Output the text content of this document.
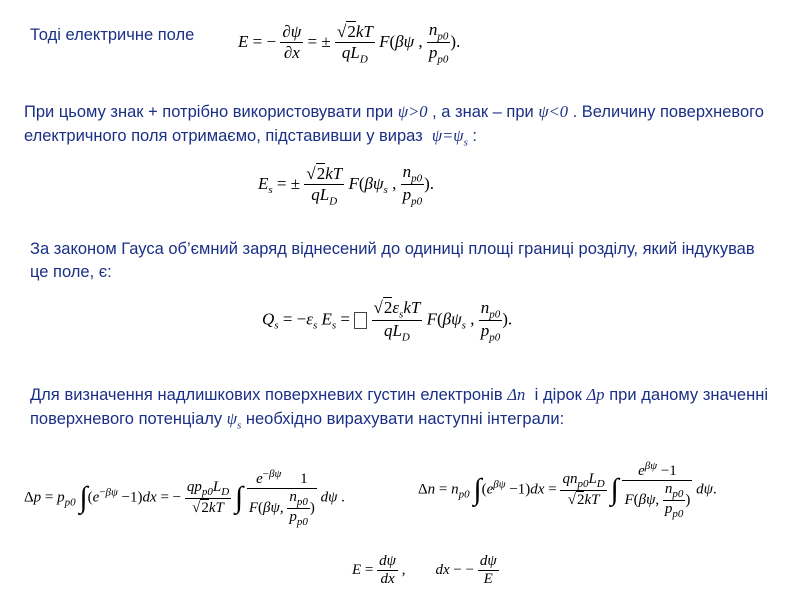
Тоді електричне поле	E = − $\frac{\partial\psi}{\partial x}$ = ± $\frac{√2kT}{qL_D} F(\beta\psi$ , $\frac{n_{p0}}{p_{p0}}$ ).
При цьому знак + потрібно використовувати при ψ>0 , а знак – при ψ<0 . Величину поверхневого електричного поля отримаємо, підставивши у вираз  $\psi=\psi_s$ :
$E_s$ = ± $\frac{√2kT}{qL_D} F(\beta\psi_s$ , $\frac{n_{p0}}{p_{p0}}$ ).
За законом Гауса об’ємний заряд віднесений до одиниці площі границі розділу, який індукував це поле, є:
$Q_s = -\varepsilon_s$ $E_s = \frac{√2\varepsilon_skT}{qL_D} F(\beta\psi_s$ , $\frac{n_{p0}}{p_{p0}}$ ).
Для визначення надлишкових поверхневих густин електронів Δn  і дірок Δp при даному значенні поверхневого потенціалу $\psi_s$ необхідно вирахувати наступні інтеграли:
$\Delta p = p_{p0}$ $\int(e^{-\beta\psi} -1)dx$ = − $\frac{qp_{p0}L_D}{√2kT}$ ∫ $\frac{e^{-\beta\psi} 1}{F(\beta\psi, \frac{n_{p0}}{p_{p0}} )}$ dψ .	$\Delta n = n_{p0}$ $\int(e^{\beta\psi} -1)dx = \frac{qn_{p0}L_D}{√2kT}$ ∫ $\frac{e^{\beta\psi} -1}{F(\beta\psi, \frac{n_{p0}}{p_{p0}} )} d\psi$.
$E = \frac{d\psi}{dx}$ ,        dx − − $\frac{d\psi}{E}$
